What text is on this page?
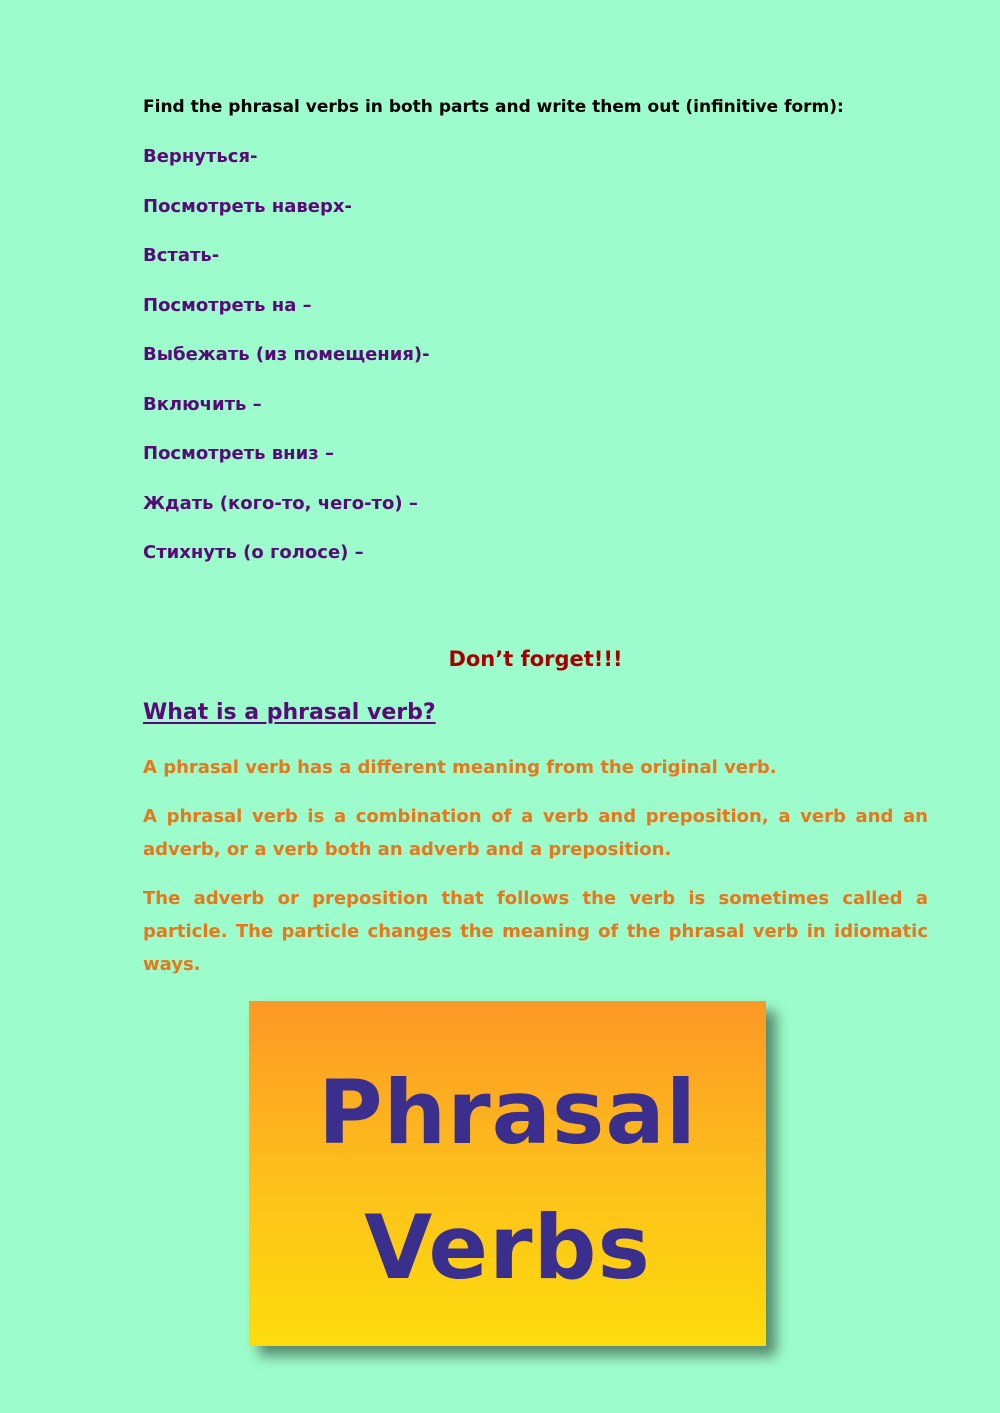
Find the phrasal verbs in both parts and write them out (infinitive form):
Вернуться-
Посмотреть наверх-
Встать-
Посмотреть на –
Выбежать (из помещения)-
Включить –
Посмотреть вниз –
Ждать (кого-то, чего-то) –
Стихнуть (о голосе) –
Don’t forget!!!
What is a phrasal verb?

A phrasal verb has a different meaning from the original verb.

A phrasal verb is a combination of a verb and preposition, a verb and an adverb, or a verb both an adverb and a preposition.

The adverb or preposition that follows the verb is sometimes called a particle. The particle changes the meaning of the phrasal verb in idiomatic ways.

Phrasal
Verbs
